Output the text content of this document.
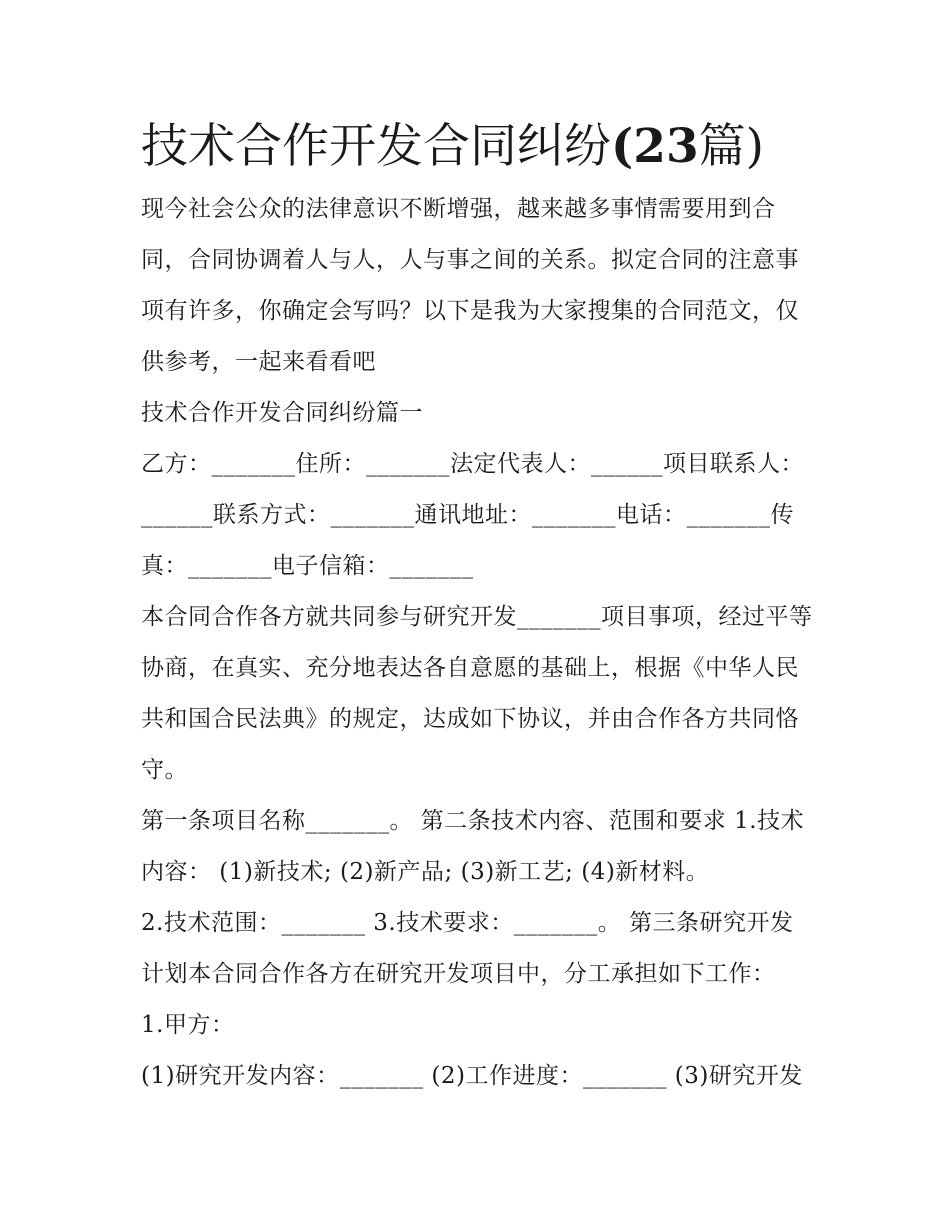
技术合作开发合同纠纷(23篇)

现今社会公众的法律意识不断增强，越来越多事情需要用到合同，合同协调着人与人，人与事之间的关系。拟定合同的注意事项有许多，你确定会写吗？以下是我为大家搜集的合同范文，仅供参考，一起来看看吧

技术合作开发合同纠纷篇一

乙方：_______住所：_______法定代表人：______项目联系人：______联系方式：_______通讯地址：_______电话：_______传真：_______电子信箱：_______

本合同合作各方就共同参与研究开发_______项目事项，经过平等协商，在真实、充分地表达各自意愿的基础上，根据《中华人民共和国合民法典》的规定，达成如下协议，并由合作各方共同恪守。

第一条项目名称_______。 第二条技术内容、范围和要求 1.技术内容： (1)新技术; (2)新产品; (3)新工艺; (4)新材料。

2.技术范围：_______ 3.技术要求：_______。 第三条研究开发计划本合同合作各方在研究开发项目中，分工承担如下工作：

1.甲方：

(1)研究开发内容：_______ (2)工作进度：_______ (3)研究开发
